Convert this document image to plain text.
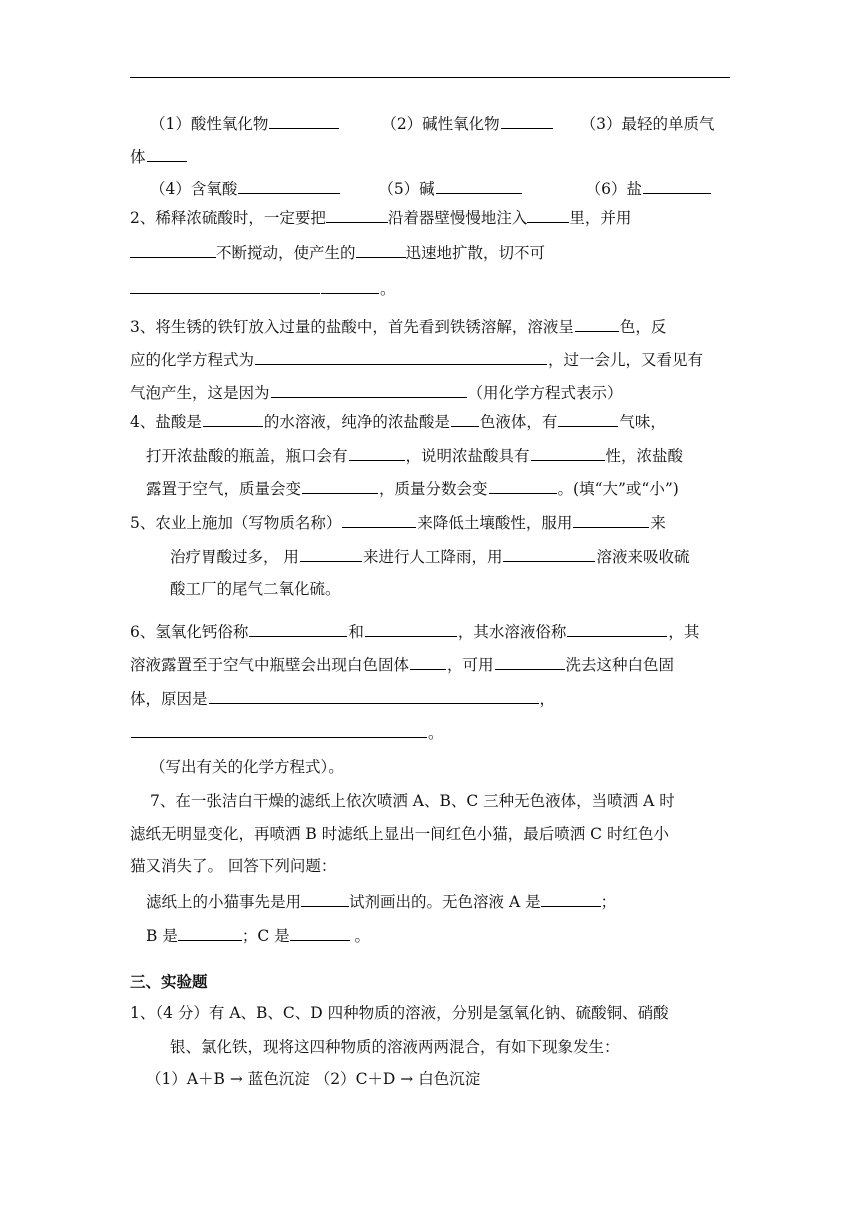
（1）酸性氧化物	（2）碱性氧化物	（3）最轻的单质气
体
（4）含氧酸	（5）碱	（6）盐
2、稀释浓硫酸时，一定要把	沿着器壁慢慢地注入	里，并用
不断搅动，使产生的	迅速地扩散，切不可
。
3、将生锈的铁钉放入过量的盐酸中，首先看到铁锈溶解，溶液呈	色，反
应的化学方程式为	，过一会儿，又看见有
气泡产生，这是因为	（用化学方程式表示）
4、盐酸是	的水溶液，纯净的浓盐酸是 色液体，有	气味，
打开浓盐酸的瓶盖，瓶口会有	，说明浓盐酸具有	性，浓盐酸
露置于空气，质量会变	，质量分数会变	。(填“大”或“小”)
5、农业上施加（写物质名称）	来降低土壤酸性，服用	来
治疗胃酸过多， 用	来进行人工降雨，用	溶液来吸收硫
酸工厂的尾气二氧化硫。
6、氢氧化钙俗称	和	，其水溶液俗称	，其
溶液露置至于空气中瓶壁会出现白色固体 ，可用	洗去这种白色固
体，原因是	，
。
（写出有关的化学方程式）。
7、在一张洁白干燥的滤纸上依次喷洒 A、B、C 三种无色液体，当喷洒 A 时
滤纸无明显变化，再喷洒 B 时滤纸上显出一间红色小猫，最后喷洒 C 时红色小
猫又消失了。 回答下列问题：
滤纸上的小猫事先是用	试剂画出的。无色溶液 A 是	；
B 是	；C 是	。
三、实验题
1、（4 分）有 A、B、C、D 四种物质的溶液，分别是氢氧化钠、硫酸铜、硝酸
银、氯化铁，现将这四种物质的溶液两两混合，有如下现象发生：
（1）A＋B → 蓝色沉淀 （2）C＋D → 白色沉淀
